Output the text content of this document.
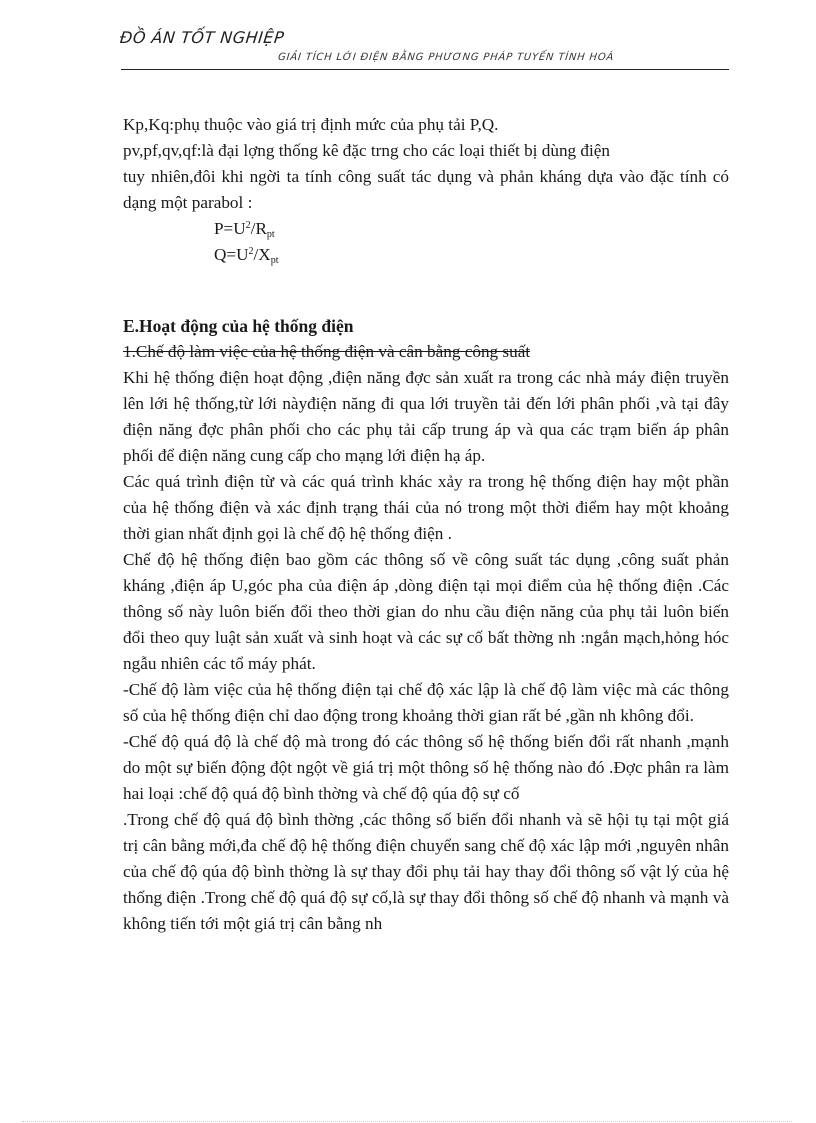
ĐỒ ÁN TỐT NGHIỆP
GIẢI TÍCH LỚI ĐIỆN BẰNG PHƯƠNG PHÁP TUYẾN TÍNH HOÁ

Kp,Kq:phụ thuộc vào giá trị định mức của phụ tải P,Q.

pv,pf,qv,qf:là đại lợng thống kê đặc trng cho các loại thiết bị dùng điện

tuy nhiên,đôi khi ngời ta tính công suất tác dụng và phản kháng dựa vào đặc tính có dạng một parabol :

$P=U^2/R_{pt}$

$Q=U^2/X_{pt}$

E.Hoạt động của hệ thống điện

1.Chế độ làm việc của hệ thống điện và cân bằng công suất

Khi hệ thống điện hoạt động ,điện năng đợc sản xuất ra trong các nhà máy điện truyền lên lới hệ thống,từ lới nàyđiện năng đi qua lới truyền tải đến lới phân phối ,và tại đây điện năng đợc phân phối cho các phụ tải cấp trung áp và qua các trạm biến áp phân phối để điện năng cung cấp cho mạng lới điện hạ áp.

Các quá trình điện từ và các quá trình khác xảy ra trong hệ thống điện hay một phần của hệ thống điện và xác định trạng thái của nó trong một thời điểm hay một khoảng thời gian nhất định gọi là chế độ hệ thống điện .

Chế độ hệ thống điện bao gồm các thông số về công suất tác dụng ,công suất phản kháng ,điện áp U,góc pha của điện áp ,dòng điện tại mọi điểm của hệ thống điện .Các thông số này luôn biến đổi theo thời gian do nhu cầu điện năng của phụ tải luôn biến đổi theo quy luật sản xuất và sinh hoạt và các sự cố bất thờng nh :ngắn mạch,hỏng hóc ngẫu nhiên các tổ máy phát.

-Chế độ làm việc của hệ thống điện tại chế độ xác lập là chế độ làm việc mà các thông số của hệ thống điện chỉ dao động trong khoảng thời gian rất bé ,gần nh không đổi.

-Chế độ quá độ là chế độ mà trong đó các thông số hệ thống biến đổi rất nhanh ,mạnh do một sự biến động đột ngột về giá trị một thông số hệ thống nào đó .Đợc phân ra làm hai loại :chế độ quá độ bình thờng và chế độ qúa độ sự cố

.Trong chế độ quá độ bình thờng ,các thông số biến đổi nhanh và sẽ hội tụ tại một giá trị cân bằng mới,đa chế độ hệ thống điện chuyển sang chế độ xác lập mới ,nguyên nhân của chế độ qúa độ bình thờng là sự thay đổi phụ tải hay thay đổi thông số vật lý của hệ thống điện .Trong chế độ quá độ sự cố,là sự thay đổi thông số chế độ nhanh và mạnh và không tiến tới một giá trị cân bằng nh
